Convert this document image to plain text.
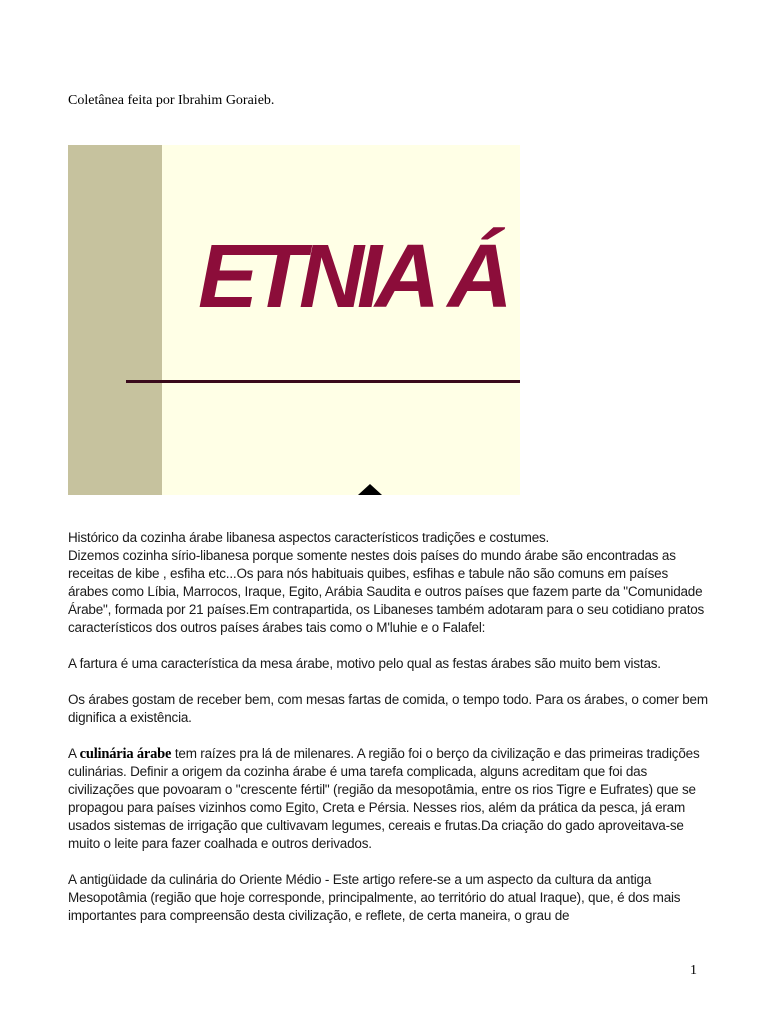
Coletânea feita por Ibrahim Goraieb.
ETNIA Á

Histórico da cozinha árabe libanesa aspectos característicos tradições e costumes.

Dizemos cozinha sírio-libanesa porque somente nestes dois países do mundo árabe são encontradas as receitas de kibe , esfiha etc...Os para nós habituais quibes, esfihas e tabule não são comuns em países árabes como Líbia, Marrocos, Iraque, Egito, Arábia Saudita e outros países que fazem parte da "Comunidade Árabe", formada por 21 países.Em contrapartida, os Libaneses também adotaram para o seu cotidiano pratos característicos dos outros países árabes tais como o M'luhie e o Falafel:

A fartura é uma característica da mesa árabe, motivo pelo qual as festas árabes são muito bem vistas.

Os árabes gostam de receber bem, com mesas fartas de comida, o tempo todo. Para os árabes, o comer bem dignifica a existência.

A culinária árabe tem raízes pra lá de milenares. A região foi o berço da civilização e das primeiras tradições culinárias. Definir a origem da cozinha árabe é uma tarefa complicada, alguns acreditam que foi das civilizações que povoaram o "crescente fértil" (região da mesopotâmia, entre os rios Tigre e Eufrates) que se propagou para países vizinhos como Egito, Creta e Pérsia. Nesses rios, além da prática da pesca, já eram usados sistemas de irrigação que cultivavam legumes, cereais e frutas.Da criação do gado aproveitava-se muito o leite para fazer coalhada e outros derivados.

A antigüidade da culinária do Oriente Médio - Este artigo refere-se a um aspecto da cultura da antiga Mesopotâmia (região que hoje corresponde, principalmente, ao território do atual Iraque), que, é dos mais importantes para compreensão desta civilização, e reflete, de certa maneira, o grau de

1
